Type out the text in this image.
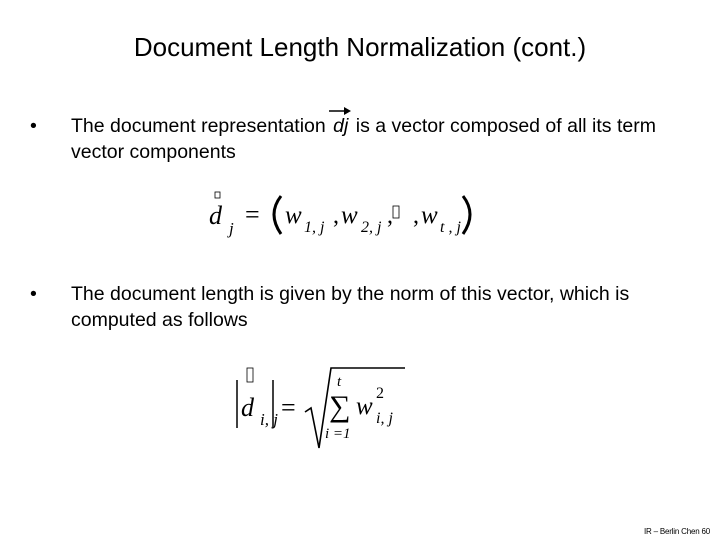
Document Length Normalization (cont.)
• The document representation
dj is a vector composed of all its term vector components
d j = w 1, j , w 2, j , , w t , j
• The document length is given by the norm of this vector, which is computed as follows
d i, j =
t
∑
i =1
w 2
i, j
IR – Berlin Chen 60
